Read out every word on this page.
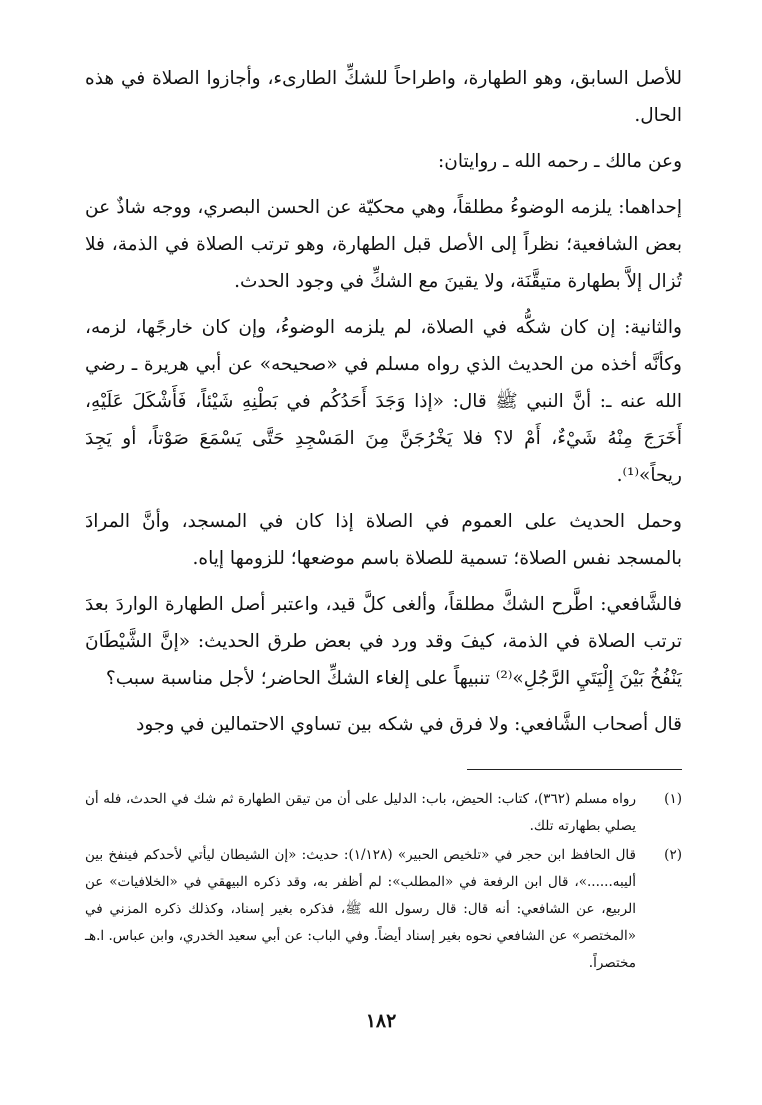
للأصل السابق، وهو الطهارة، واطراحاً للشكِّ الطارىء، وأجازوا الصلاة في هذه الحال.

وعن مالك ـ رحمه الله ـ روايتان:

إحداهما: يلزمه الوضوءُ مطلقاً، وهي محكيّة عن الحسن البصري، ووجه شاذٌ عن بعض الشافعية؛ نظراً إلى الأصل قبل الطهارة، وهو ترتب الصلاة في الذمة، فلا تُزال إلاَّ بطهارة متيقَّنَة، ولا يقينَ مع الشكِّ في وجود الحدث.

والثانية: إن كان شكُّه في الصلاة، لم يلزمه الوضوءُ، وإن كان خارجًها، لزمه، وكأنَّه أخذه من الحديث الذي رواه مسلم في «صحيحه» عن أبي هريرة ـ رضي الله عنه ـ: أنَّ النبي ﷺ قال: «إذا وَجَدَ أَحَدُكُم في بَطْنِهِ شَيْئاً، فَأَشْكَلَ عَلَيْهِ، أَخَرَجَ مِنْهُ شَيْءٌ، أَمْ لا؟ فلا يَخْرُجَنَّ مِنَ المَسْجِدِ حَتَّى يَسْمَعَ صَوْتاً، أو يَجِدَ ريحاً»⁽¹⁾.

وحمل الحديث على العموم في الصلاة إذا كان في المسجد، وأنَّ المرادَ بالمسجد نفس الصلاة؛ تسمية للصلاة باسم موضعها؛ للزومها إياه.

فالشَّافعي: اطَّرح الشكَّ مطلقاً، وألغى كلَّ قيد، واعتبر أصل الطهارة الواردَ بعدَ ترتب الصلاة في الذمة، كيفَ وقد ورد في بعض طرق الحديث: «إنَّ الشَّيْطَانَ يَنْفُخُ بَيْنَ إِلْيَتَيِ الرَّجُلِ»⁽²⁾ تنبيهاً على إلغاء الشكِّ الحاضر؛ لأجل مناسبة سبب؟

قال أصحاب الشَّافعي: ولا فرق في شكه بين تساوي الاحتمالين في وجود

(١)
رواه مسلم (٣٦٢)، كتاب: الحيض، باب: الدليل على أن من تيقن الطهارة ثم شك في الحدث، فله أن يصلي بطهارته تلك.
(٢)
قال الحافظ ابن حجر في «تلخيص الحبير» (١/١٢٨): حديث: «إن الشيطان ليأتي لأحدكم فينفخ بين أليبه......»، قال ابن الرفعة في «المطلب»: لم أظفر به، وقد ذكره البيهقي في «الخلافيات» عن الربيع، عن الشافعي: أنه قال: قال رسول الله ﷺ، فذكره بغير إسناد، وكذلك ذكره المزني في «المختصر» عن الشافعي نحوه بغير إسناد أيضاً. وفي الباب: عن أبي سعيد الخدري، وابن عباس. ا.هـ مختصراً.
١٨٢
